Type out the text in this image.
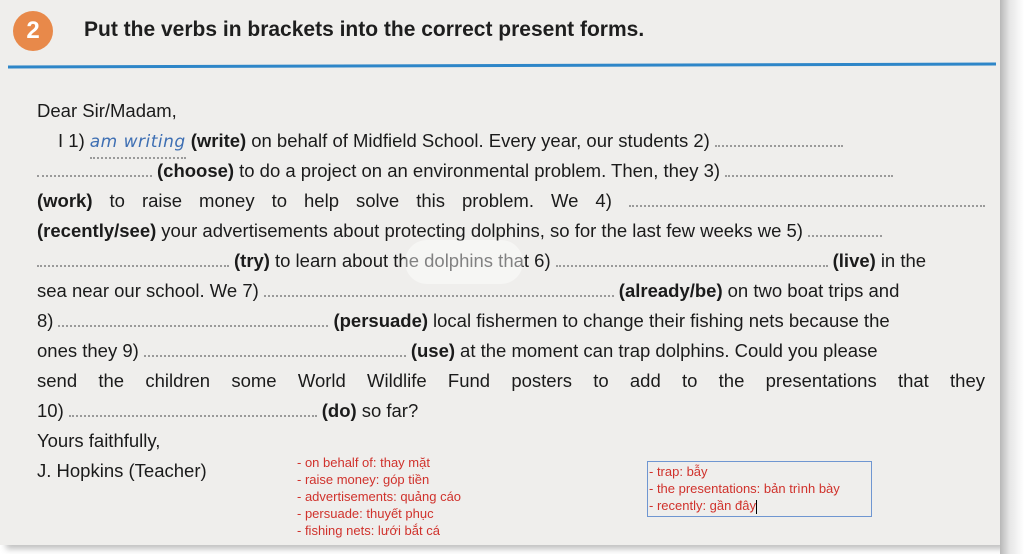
2 Put the verbs in brackets into the correct present forms.
Dear Sir/Madam,
I 1) am writing (write) on behalf of Midfield School. Every year, our students 2)
(choose) to do a project on an environmental problem. Then, they 3)
(work) to raise money to help solve this problem. We 4)
(recently/see) your advertisements about protecting dolphins, so for the last few weeks we 5)
(try) to learn about the dolphins that 6)	(live) in the
sea near our school. We 7)	(already/be) on two boat trips and
8)	(persuade) local fishermen to change their fishing nets because the
ones they 9)	(use) at the moment can trap dolphins. Could you please
send the children some World Wildlife Fund posters to add to the presentations that they
10)	(do) so far?
Yours faithfully,
J. Hopkins (Teacher)	- on behalf of: thay mặt
- raise money: góp tiền
- advertisements: quảng cáo
- persuade: thuyết phục
- fishing nets: lưới bắt cá
- trap: bẫy
- the presentations: bản trình bày
- recently: gần đây
